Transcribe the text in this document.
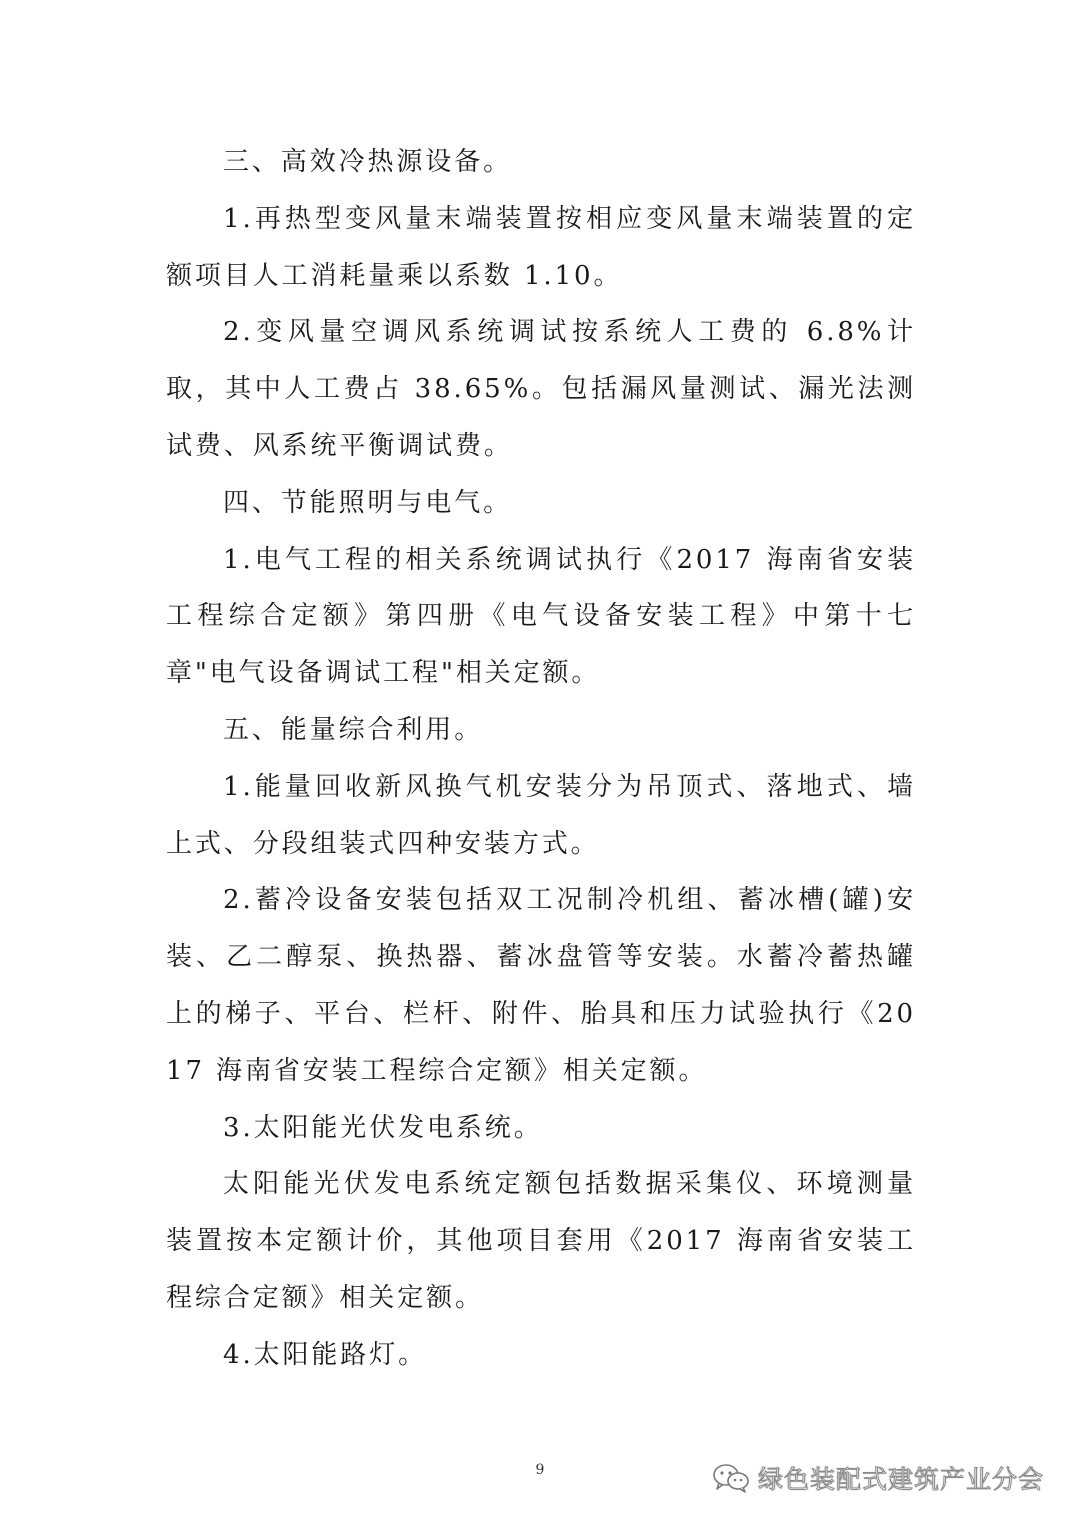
三、高效冷热源设备。

1.再热型变风量末端装置按相应变风量末端装置的定额项目人工消耗量乘以系数 1.10。

2.变风量空调风系统调试按系统人工费的 6.8%计取，其中人工费占 38.65%。包括漏风量测试、漏光法测试费、风系统平衡调试费。

四、节能照明与电气。

1.电气工程的相关系统调试执行《2017 海南省安装工程综合定额》第四册《电气设备安装工程》中第十七章"电气设备调试工程"相关定额。

五、能量综合利用。

1.能量回收新风换气机安装分为吊顶式、落地式、墙上式、分段组装式四种安装方式。

2.蓄冷设备安装包括双工况制冷机组、蓄冰槽(罐)安装、乙二醇泵、换热器、蓄冰盘管等安装。水蓄冷蓄热罐上的梯子、平台、栏杆、附件、胎具和压力试验执行《2017 海南省安装工程综合定额》相关定额。

3.太阳能光伏发电系统。

太阳能光伏发电系统定额包括数据采集仪、环境测量装置按本定额计价，其他项目套用《2017 海南省安装工程综合定额》相关定额。

4.太阳能路灯。

9	绿色装配式建筑产业分会
